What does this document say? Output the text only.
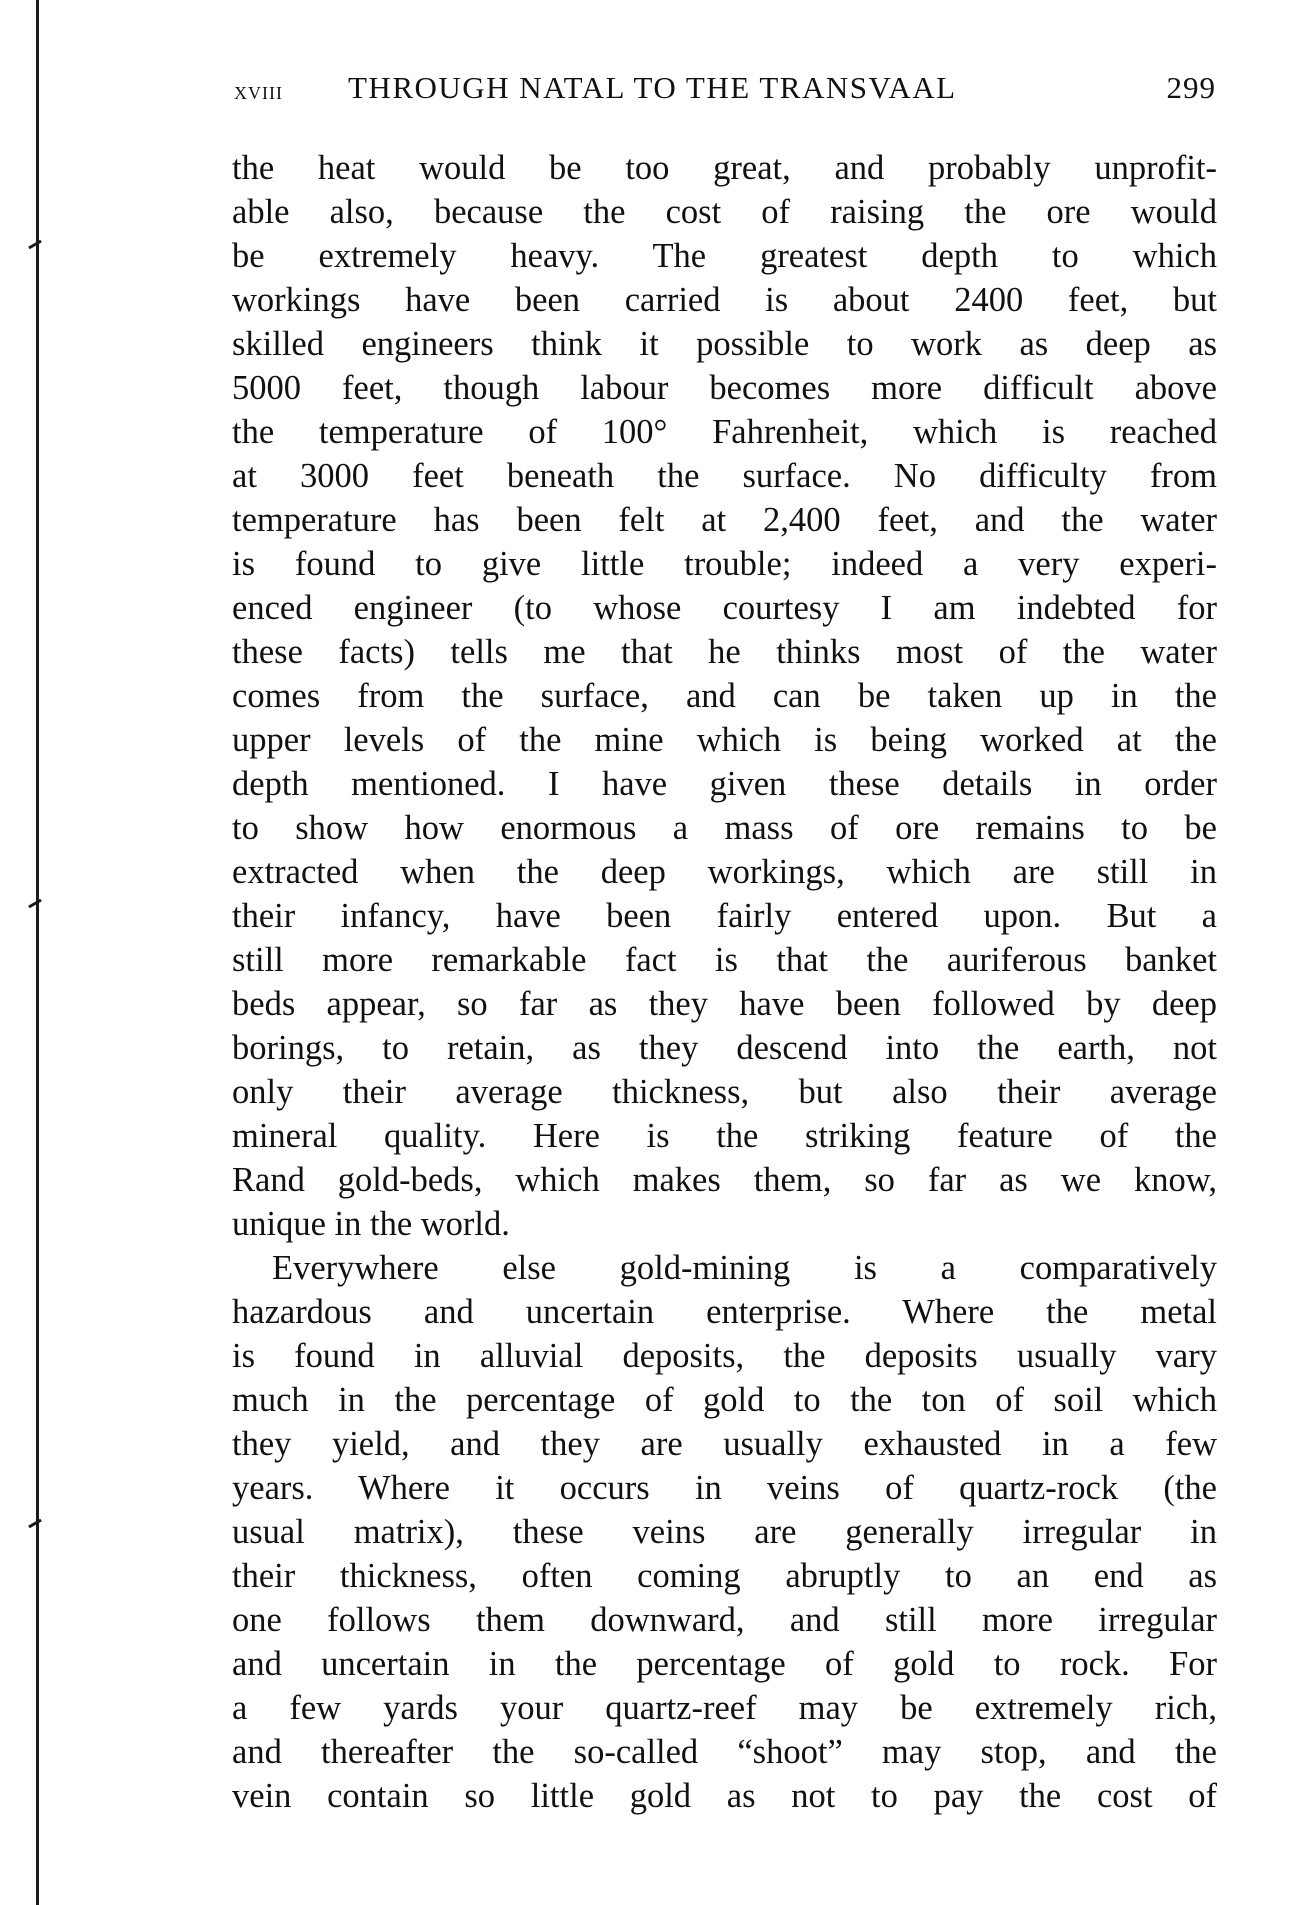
xviii THROUGH NATAL TO THE TRANSVAAL	299
the heat would be too great, and probably unprofit-
able also, because the cost of raising the ore would
be extremely heavy. The greatest depth to which
workings have been carried is about 2400 feet, but
skilled engineers think it possible to work as deep as
5000 feet, though labour becomes more difficult above
the temperature of 100° Fahrenheit, which is reached
at 3000 feet beneath the surface. No difficulty from
temperature has been felt at 2,400 feet, and the water
is found to give little trouble; indeed a very experi-
enced engineer (to whose courtesy I am indebted for
these facts) tells me that he thinks most of the water
comes from the surface, and can be taken up in the
upper levels of the mine which is being worked at the
depth mentioned. I have given these details in order
to show how enormous a mass of ore remains to be
extracted when the deep workings, which are still in
their infancy, have been fairly entered upon. But a
still more remarkable fact is that the auriferous banket
beds appear, so far as they have been followed by deep
borings, to retain, as they descend into the earth, not
only their average thickness, but also their average
mineral quality. Here is the striking feature of the
Rand gold-beds, which makes them, so far as we know,
unique in the world.
Everywhere else gold-mining is a comparatively
hazardous and uncertain enterprise. Where the metal
is found in alluvial deposits, the deposits usually vary
much in the percentage of gold to the ton of soil which
they yield, and they are usually exhausted in a few
years. Where it occurs in veins of quartz-rock (the
usual matrix), these veins are generally irregular in
their thickness, often coming abruptly to an end as
one follows them downward, and still more irregular
and uncertain in the percentage of gold to rock. For
a few yards your quartz-reef may be extremely rich,
and thereafter the so-called “shoot” may stop, and the
vein contain so little gold as not to pay the cost of
